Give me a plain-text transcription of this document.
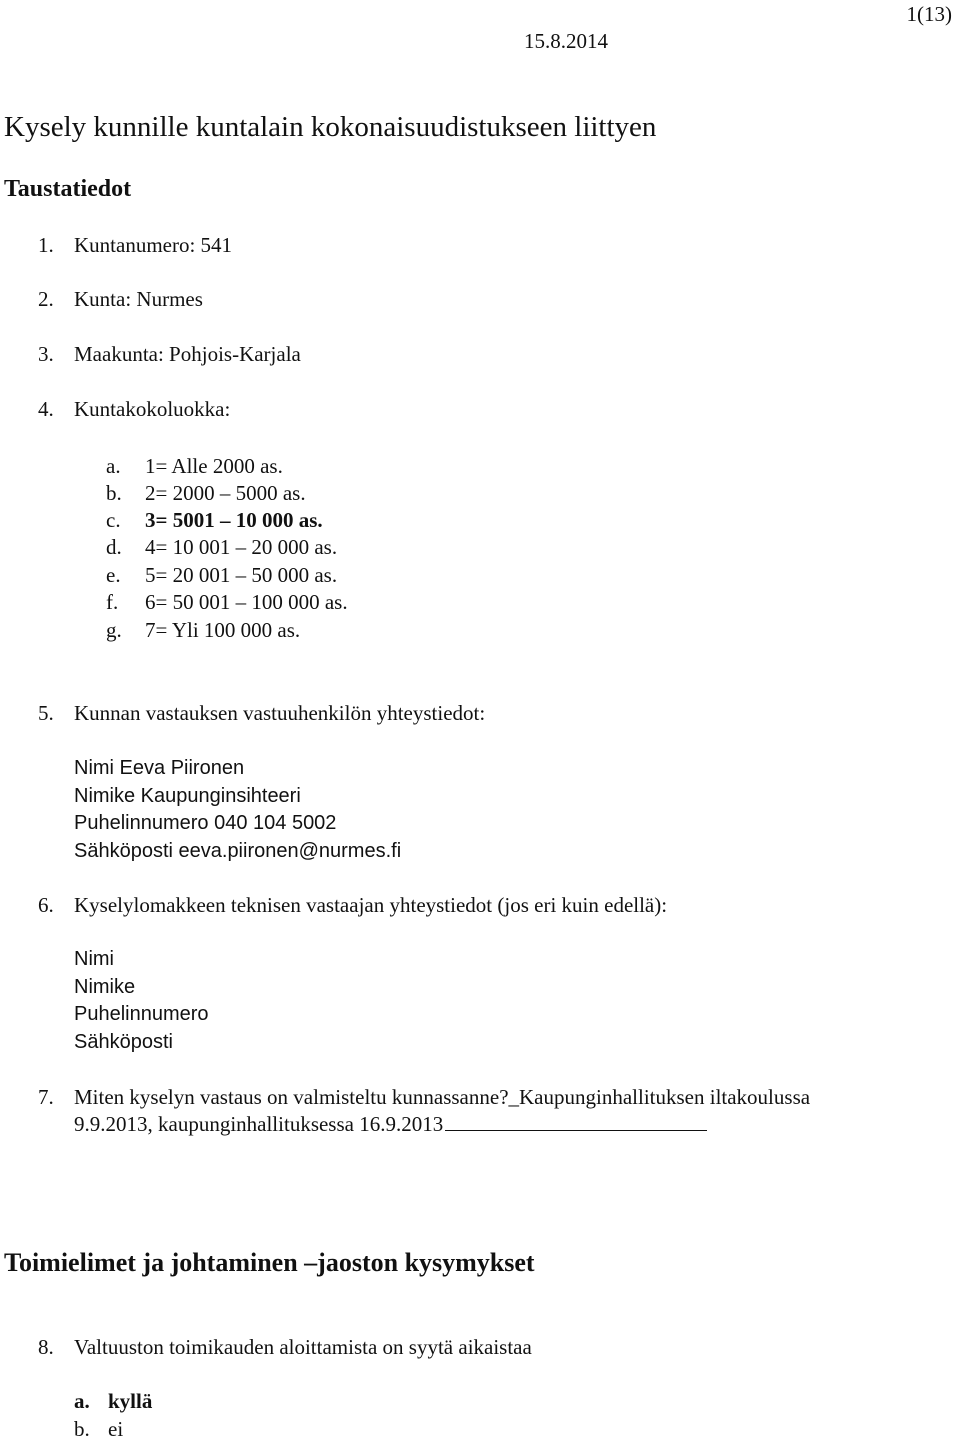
1(13)
15.8.2014
Kysely kunnille kuntalain kokonaisuudistukseen liittyen
Taustatiedot
1. Kuntanumero: 541
2. Kunta: Nurmes
3. Maakunta: Pohjois-Karjala
4. Kuntakokoluokka:
a. 1= Alle 2000 as.
b. 2= 2000 – 5000 as.
c. 3= 5001 – 10 000 as.
d. 4= 10 001 – 20 000 as.
e. 5= 20 001 – 50 000 as.
f. 6= 50 001 – 100 000 as.
g. 7= Yli 100 000 as.
5. Kunnan vastauksen vastuuhenkilön yhteystiedot:
Nimi Eeva Piironen
Nimike Kaupunginsihteeri
Puhelinnumero 040 104 5002
Sähköposti eeva.piironen@nurmes.fi
6. Kyselylomakkeen teknisen vastaajan yhteystiedot (jos eri kuin edellä):
Nimi
Nimike
Puhelinnumero
Sähköposti
7. Miten kyselyn vastaus on valmisteltu kunnassanne?_Kaupunginhallituksen iltakoulussa
9.9.2013, kaupunginhallituksessa 16.9.2013
Toimielimet ja johtaminen –jaoston kysymykset
8. Valtuuston toimikauden aloittamista on syytä aikaistaa
a. kyllä
b. ei
